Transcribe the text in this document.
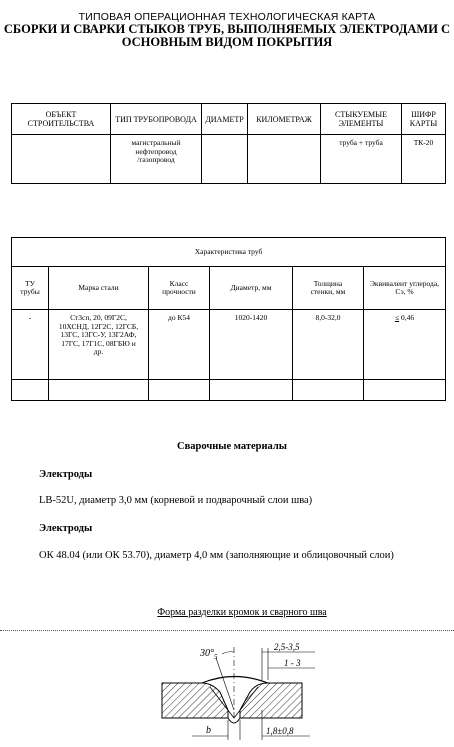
ТИПОВАЯ ОПЕРАЦИОННАЯ ТЕХНОЛОГИЧЕСКАЯ КАРТА
СБОРКИ И СВАРКИ СТЫКОВ ТРУБ, ВЫПОЛНЯЕМЫХ ЭЛЕКТРОДАМИ С
ОСНОВНЫМ ВИДОМ ПОКРЫТИЯ
ОБЪЕКТ
СТРОИТЕЛЬСТВА	ТИП ТРУБОПРОВОДА	ДИАМЕТР	КИЛОМЕТРАЖ	СТЫКУЕМЫЕ
ЭЛЕМЕНТЫ	ШИФР
КАРТЫ
	магистральный
нефтепровод
/газопровод			труба + труба	ТК-20
Характеристика труб					
ТУ
трубы	Марка стали	Класс
прочности	Диаметр, мм	Толщина
стенки, мм	Эквивалент углерода,
Сэ, %
-	Ст3сп, 20, 09Г2С,
10ХСНД, 12Г2С, 12ГСБ,
13ГС, 13ГС-У, 13Г2АФ,
17ГС, 17Г1С, 08ГБЮ и
др.	до К54	1020-1420	8,0-32,0	≤ 0,46

Сварочные материалы
Электроды
LB-52U, диаметр 3,0 мм (корневой и подварочный слои шва)
Электроды
ОК 48.04 (или ОК 53.70), диаметр 4,0 мм (заполняющие и облицовочный слои)
Форма разделки кромок и сварного шва
$30^\circ_5$
2,5-3,5
1 - 3
b	1,8±0,8
